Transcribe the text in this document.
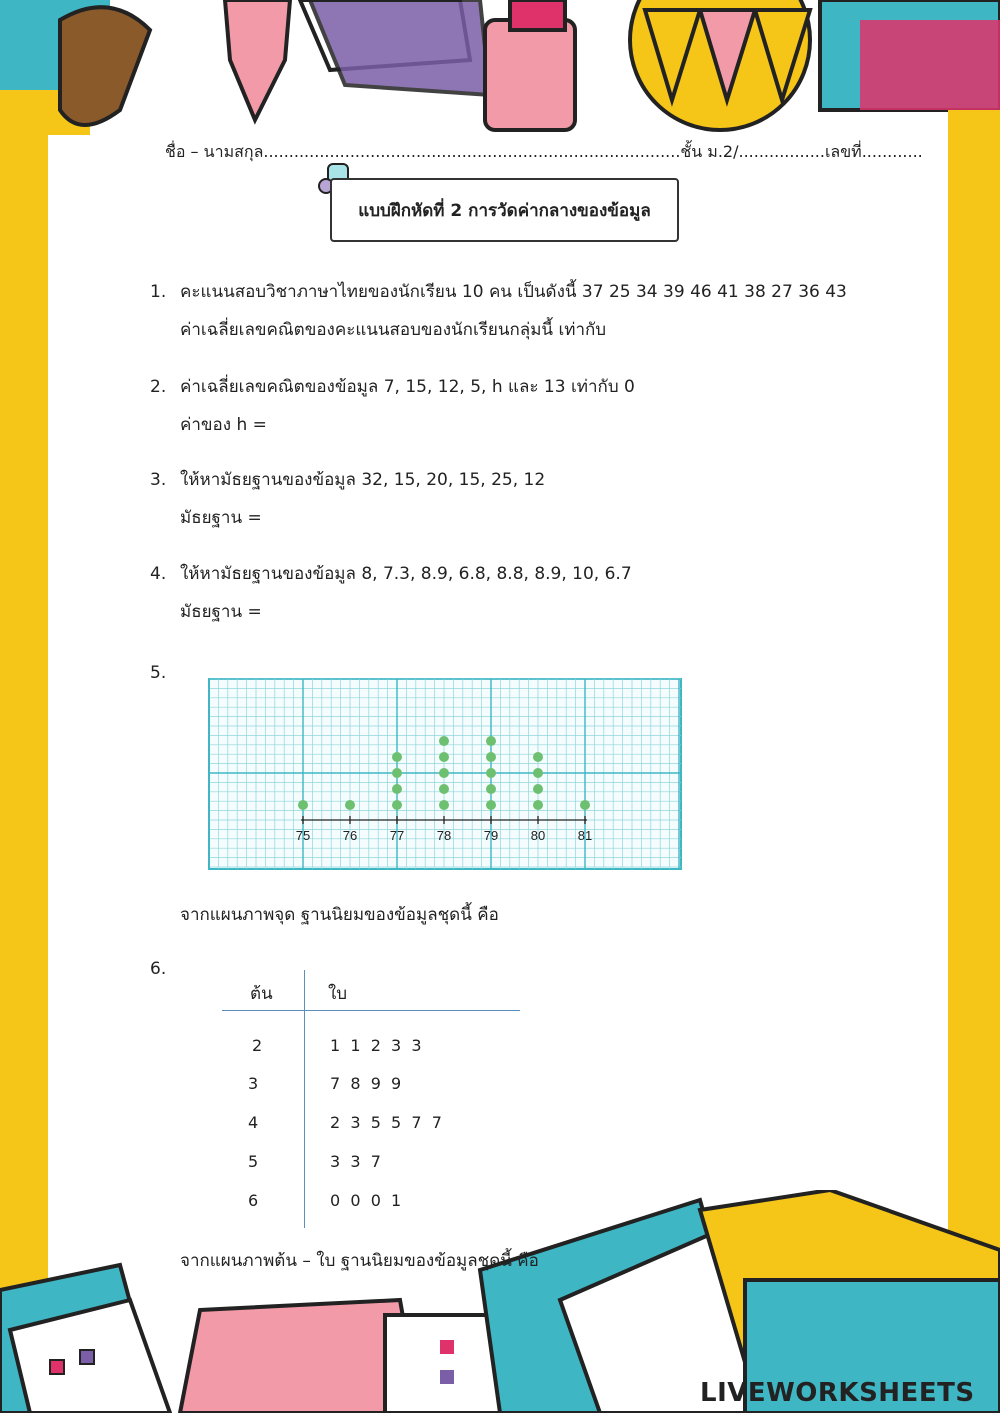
ชื่อ – นามสกุล..................................................................................ชั้น ม.2/.................เลขที่............
แบบฝึกหัดที่ 2 การวัดค่ากลางของข้อมูล
1. คะแนนสอบวิชาภาษาไทยของนักเรียน 10 คน เป็นดังนี้ 37 25 34 39 46 41 38 27 36 43
ค่าเฉลี่ยเลขคณิตของคะแนนสอบของนักเรียนกลุ่มนี้ เท่ากับ
2. ค่าเฉลี่ยเลขคณิตของข้อมูล 7, 15, 12, 5, h และ 13 เท่ากับ 0
ค่าของ h =
3. ให้หามัธยฐานของข้อมูล 32, 15, 20, 15, 25, 12
มัธยฐาน =
4. ให้หามัธยฐานของข้อมูล 8, 7.3, 8.9, 6.8, 8.8, 8.9, 10, 6.7
มัธยฐาน =
5.
75	76	77	78	79	80	81
จากแผนภาพจุด ฐานนิยมของข้อมูลชุดนี้ คือ
6.
ต้น	ใบ
2	1  1  2  3  3
3	7  8  9  9
4	2  3  5  5  7  7
5	3  3  7
6	0  0  0  1
จากแผนภาพต้น – ใบ ฐานนิยมของข้อมูลชุดนี้ คือ
LIVEWORKSHEETS
